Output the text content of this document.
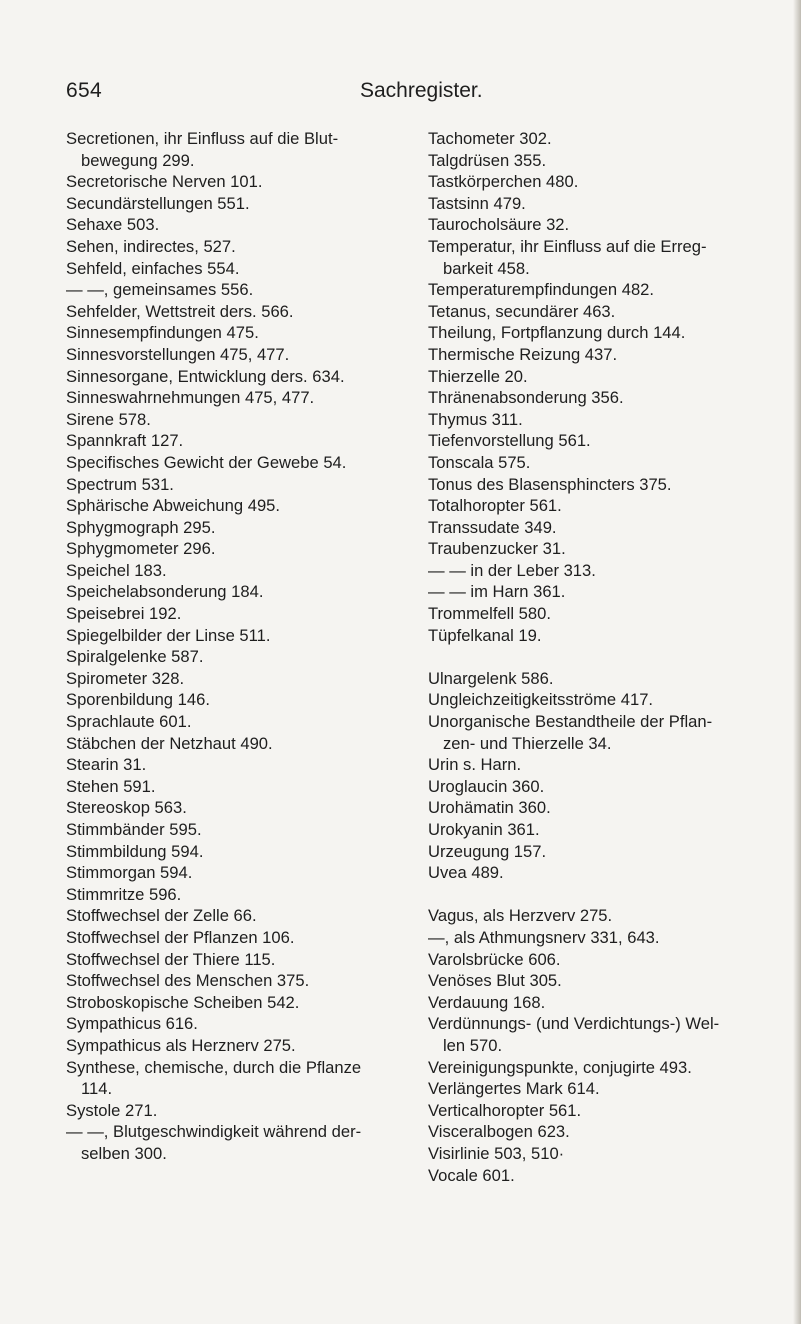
654	Sachregister.
Secretionen, ihr Einfluss auf die Blut-
bewegung 299.
Secretorische Nerven 101.
Secundärstellungen 551.
Sehaxe 503.
Sehen, indirectes, 527.
Sehfeld, einfaches 554.
— —, gemeinsames 556.
Sehfelder, Wettstreit ders. 566.
Sinnesempfindungen 475.
Sinnesvorstellungen 475, 477.
Sinnesorgane, Entwicklung ders. 634.
Sinneswahrnehmungen 475, 477.
Sirene 578.
Spannkraft 127.
Specifisches Gewicht der Gewebe 54.
Spectrum 531.
Sphärische Abweichung 495.
Sphygmograph 295.
Sphygmometer 296.
Speichel 183.
Speichelabsonderung 184.
Speisebrei 192.
Spiegelbilder der Linse 511.
Spiralgelenke 587.
Spirometer 328.
Sporenbildung 146.
Sprachlaute 601.
Stäbchen der Netzhaut 490.
Stearin 31.
Stehen 591.
Stereoskop 563.
Stimmbänder 595.
Stimmbildung 594.
Stimmorgan 594.
Stimmritze 596.
Stoffwechsel der Zelle 66.
Stoffwechsel der Pflanzen 106.
Stoffwechsel der Thiere 115.
Stoffwechsel des Menschen 375.
Stroboskopische Scheiben 542.
Sympathicus 616.
Sympathicus als Herznerv 275.
Synthese, chemische, durch die Pflanze
114.
Systole 271.
— —, Blutgeschwindigkeit während der-
selben 300.
Tachometer 302.
Talgdrüsen 355.
Tastkörperchen 480.
Tastsinn 479.
Taurocholsäure 32.
Temperatur, ihr Einfluss auf die Erreg-
barkeit 458.
Temperaturempfindungen 482.
Tetanus, secundärer 463.
Theilung, Fortpflanzung durch 144.
Thermische Reizung 437.
Thierzelle 20.
Thränenabsonderung 356.
Thymus 311.
Tiefenvorstellung 561.
Tonscala 575.
Tonus des Blasensphincters 375.
Totalhoropter 561.
Transsudate 349.
Traubenzucker 31.
— — in der Leber 313.
— — im Harn 361.
Trommelfell 580.
Tüpfelkanal 19.
Ulnargelenk 586.
Ungleichzeitigkeitsströme 417.
Unorganische Bestandtheile der Pflan-
zen- und Thierzelle 34.
Urin s. Harn.
Uroglaucin 360.
Urohämatin 360.
Urokyanin 361.
Urzeugung 157.
Uvea 489.
Vagus, als Herzverv 275.
—, als Athmungsnerv 331, 643.
Varolsbrücke 606.
Venöses Blut 305.
Verdauung 168.
Verdünnungs- (und Verdichtungs-) Wel-
len 570.
Vereinigungspunkte, conjugirte 493.
Verlängertes Mark 614.
Verticalhoropter 561.
Visceralbogen 623.
Visirlinie 503, 510·
Vocale 601.
